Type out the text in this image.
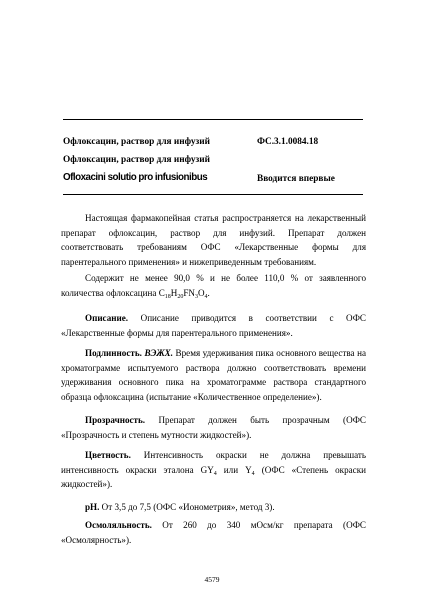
Офлоксацин, раствор для инфузий	ФС.3.1.0084.18
Офлоксацин, раствор для инфузий
Ofloxacini solutio pro infusionibus	Вводится впервые

Настоящая фармакопейная статья распространяется на лекарственный препарат офлоксацин, раствор для инфузий. Препарат должен соответствовать требованиям ОФС «Лекарственные формы для парентерального применения» и нижеприведенным требованиям.

Содержит не менее 90,0 % и не более 110,0 % от заявленного количества офлоксацина $C_{18}H_{20}FN_3O_4$.

Описание. Описание приводится в соответствии с ОФС «Лекарственные формы для парентерального применения».

Подлинность. ВЭЖХ. Время удерживания пика основного вещества на хроматограмме испытуемого раствора должно соответствовать времени удерживания основного пика на хроматограмме раствора стандартного образца офлоксацина (испытание «Количественное определение»).

Прозрачность. Препарат должен быть прозрачным (ОФС «Прозрачность и степень мутности жидкостей»).

Цветность. Интенсивность окраски не должна превышать интенсивность окраски эталона $GY_4$ или $Y_4$ (ОФС «Степень окраски жидкостей»).

pH. От 3,5 до 7,5 (ОФС «Ионометрия», метод 3).

Осмоляльность. От 260 до 340 мОсм/кг препарата (ОФС «Осмолярность»).

4579
